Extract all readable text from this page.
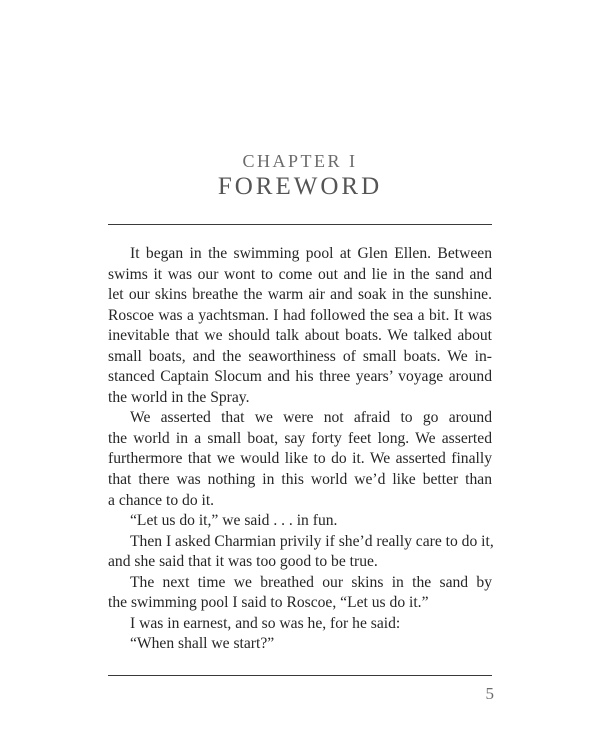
CHAPTER I
FOREWORD
It began in the swimming pool at Glen Ellen. Between
swims it was our wont to come out and lie in the sand and
let our skins breathe the warm air and soak in the sunshine.
Roscoe was a yachtsman. I had followed the sea a bit. It was
inevitable that we should talk about boats. We talked about
small boats, and the seaworthiness of small boats. We in-
stanced Captain Slocum and his three years’ voyage around
the world in the Spray.
We asserted that we were not afraid to go around
the world in a small boat, say forty feet long. We asserted
furthermore that we would like to do it. We asserted finally
that there was nothing in this world we’d like better than
a chance to do it.
“Let us do it,” we said . . . in fun.
Then I asked Charmian privily if she’d really care to do it,
and she said that it was too good to be true.
The next time we breathed our skins in the sand by
the swimming pool I said to Roscoe, “Let us do it.”
I was in earnest, and so was he, for he said:
“When shall we start?”
5
